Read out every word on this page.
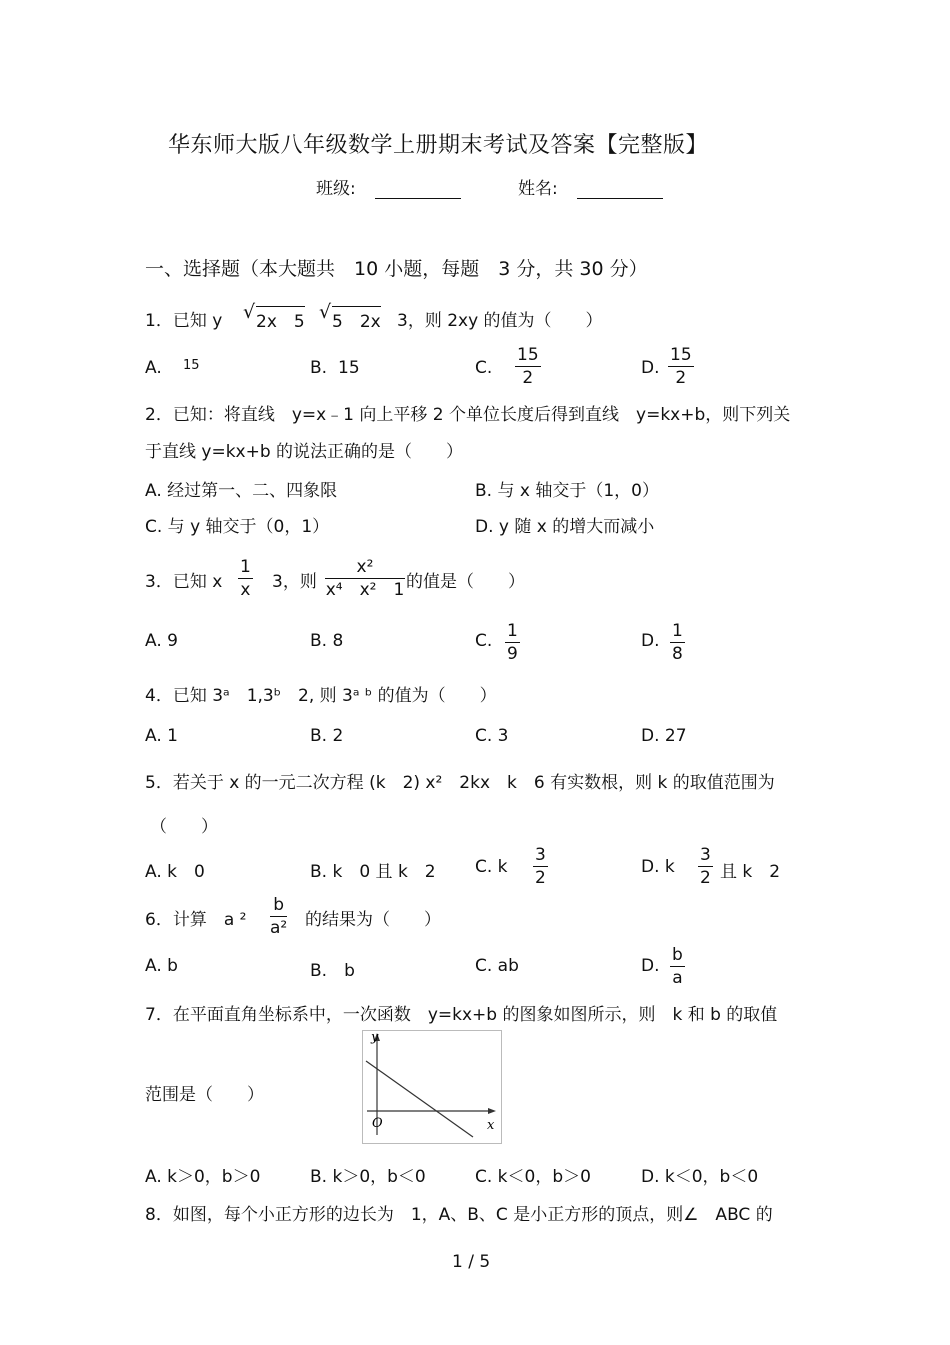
华东师大版八年级数学上册期末考试及答案【完整版】
班级:	姓名:
一、选择题（本大题共　10 小题，每题　3 分，共 30 分）
1．已知 y √ 2x　5 √ 5　2x 3，则 2xy 的值为（　　）
A. 15	B. 15	C. $\frac{15}{2}$	D. $\frac{15}{2}$
2．已知：将直线　y=x﹣1 向上平移 2 个单位长度后得到直线　y=kx+b，则下列关
于直线 y=kx+b 的说法正确的是（　　）
A. 经过第一、二、四象限	B. 与 x 轴交于（1，0）
C. 与 y 轴交于（0，1）	D. y 随 x 的增大而减小
3．已知 x $\frac{1}{x} 3$，则 $\frac{\text{x²}}{\text{x⁴　x²　1}}$ 的值是（　　）
A. 9	B. 8	C. $\frac{1}{9}$	D. $\frac{1}{8}$
4．已知 3ᵃ　1,3ᵇ　2, 则 3ᵃ ᵇ 的值为（　　）
A. 1	B. 2	C. 3	D. 27
5．若关于 x 的一元二次方程 (k　2) x²　2kx　k　6 有实数根，则 k 的取值范围为
（　　）
A. k　0	B. k　0 且 k　2 C. k $\frac{3}{2}$	D. k $\frac{3}{2}$ 且 k　2
6．计算　a $^2 \frac{b}{\text{a²}}$ 的结果为（　　）
A. b	B.　b	C. ab	D. $\frac{b}{a}$
7．在平面直角坐标系中，一次函数　y=kx+b 的图象如图所示，则　k 和 b 的取值
y
x
O
范围是（　　）
A. k＞0，b＞0	B. k＞0，b＜0	C. k＜0，b＞0	D. k＜0，b＜0
8．如图，每个小正方形的边长为　1，A、B、C 是小正方形的顶点，则∠　ABC 的
1 / 5
